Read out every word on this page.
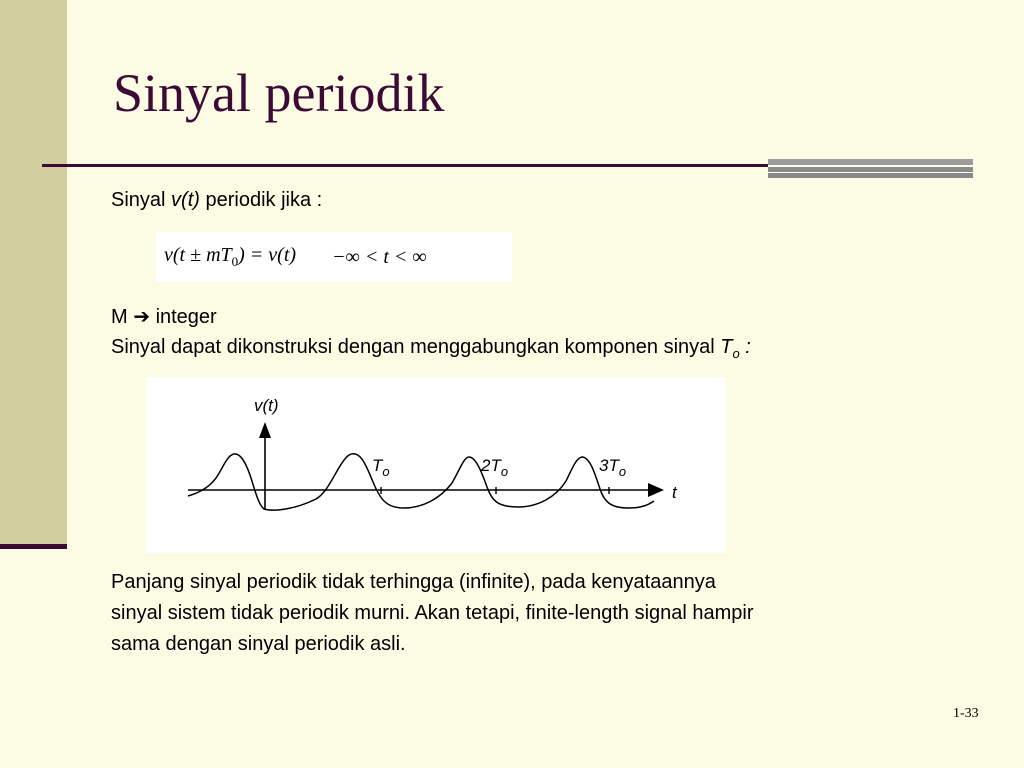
Sinyal periodik
Sinyal v(t) periodik jika :
$v(t \pm mT_0) = v(t)$ −∞ < t < ∞
M ➔ integer
Sinyal dapat dikonstruksi dengan menggabungkan komponen sinyal $T_o$ :
v(t)
t
$T_o$	$2T_o$	$3T_o$
Panjang sinyal periodik tidak terhingga (infinite), pada kenyataannya
sinyal sistem tidak periodik murni. Akan tetapi, finite-length signal hampir
sama dengan sinyal periodik asli.
1-33
